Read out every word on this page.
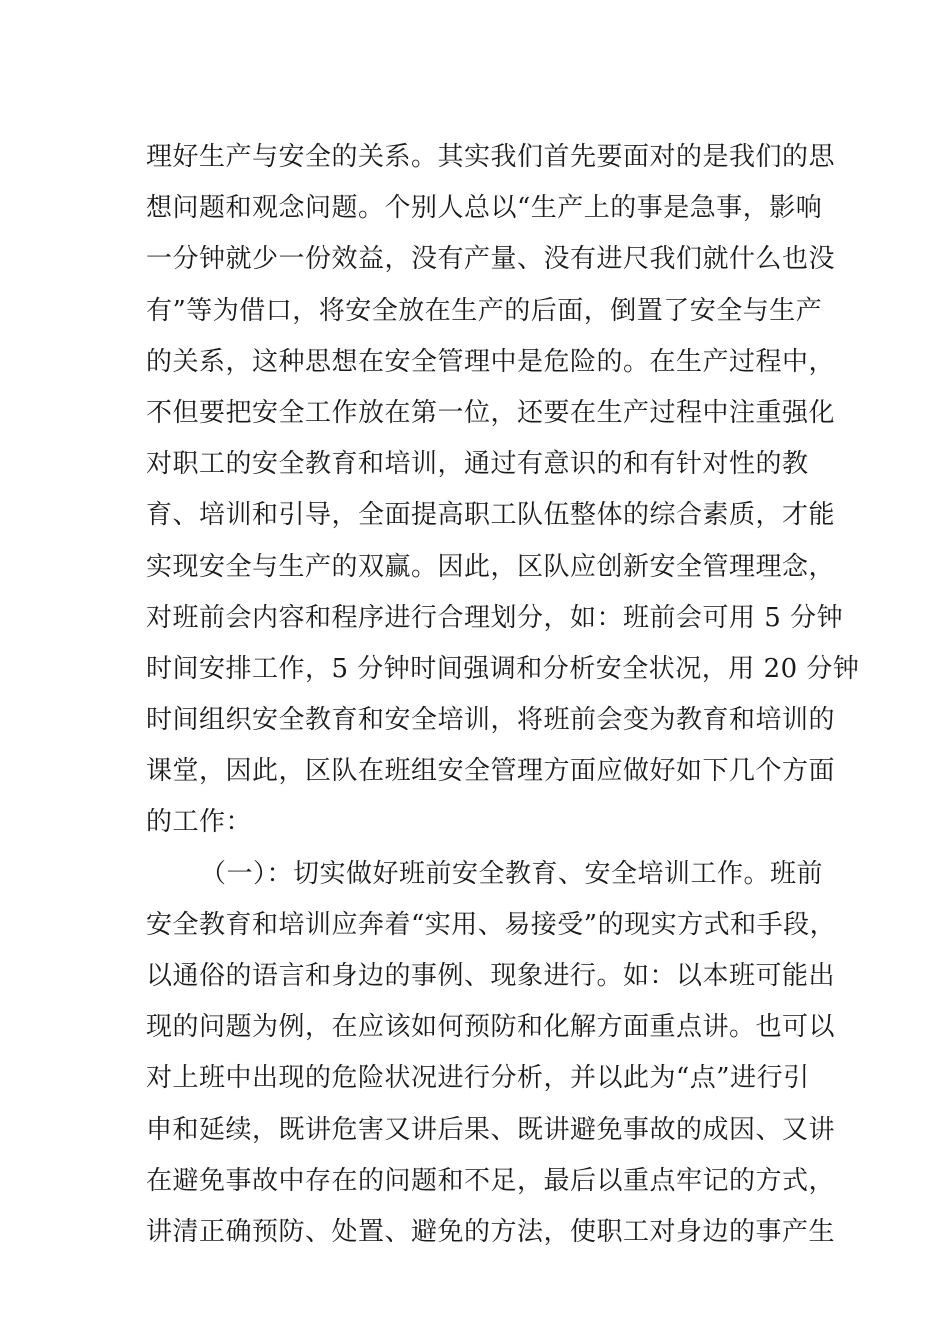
理好生产与安全的关系。其实我们首先要面对的是我们的思
想问题和观念问题。个别人总以“生产上的事是急事，影响
一分钟就少一份效益，没有产量、没有进尺我们就什么也没
有”等为借口，将安全放在生产的后面，倒置了安全与生产
的关系，这种思想在安全管理中是危险的。在生产过程中，
不但要把安全工作放在第一位，还要在生产过程中注重强化
对职工的安全教育和培训，通过有意识的和有针对性的教
育、培训和引导，全面提高职工队伍整体的综合素质，才能
实现安全与生产的双赢。因此，区队应创新安全管理理念，
对班前会内容和程序进行合理划分，如：班前会可用 5 分钟
时间安排工作，5 分钟时间强调和分析安全状况，用 20 分钟
时间组织安全教育和安全培训，将班前会变为教育和培训的
课堂，因此，区队在班组安全管理方面应做好如下几个方面
的工作：
（一）：切实做好班前安全教育、安全培训工作。班前
安全教育和培训应奔着“实用、易接受”的现实方式和手段，
以通俗的语言和身边的事例、现象进行。如：以本班可能出
现的问题为例，在应该如何预防和化解方面重点讲。也可以
对上班中出现的危险状况进行分析，并以此为“点”进行引
申和延续，既讲危害又讲后果、既讲避免事故的成因、又讲
在避免事故中存在的问题和不足，最后以重点牢记的方式，
讲清正确预防、处置、避免的方法，使职工对身边的事产生
